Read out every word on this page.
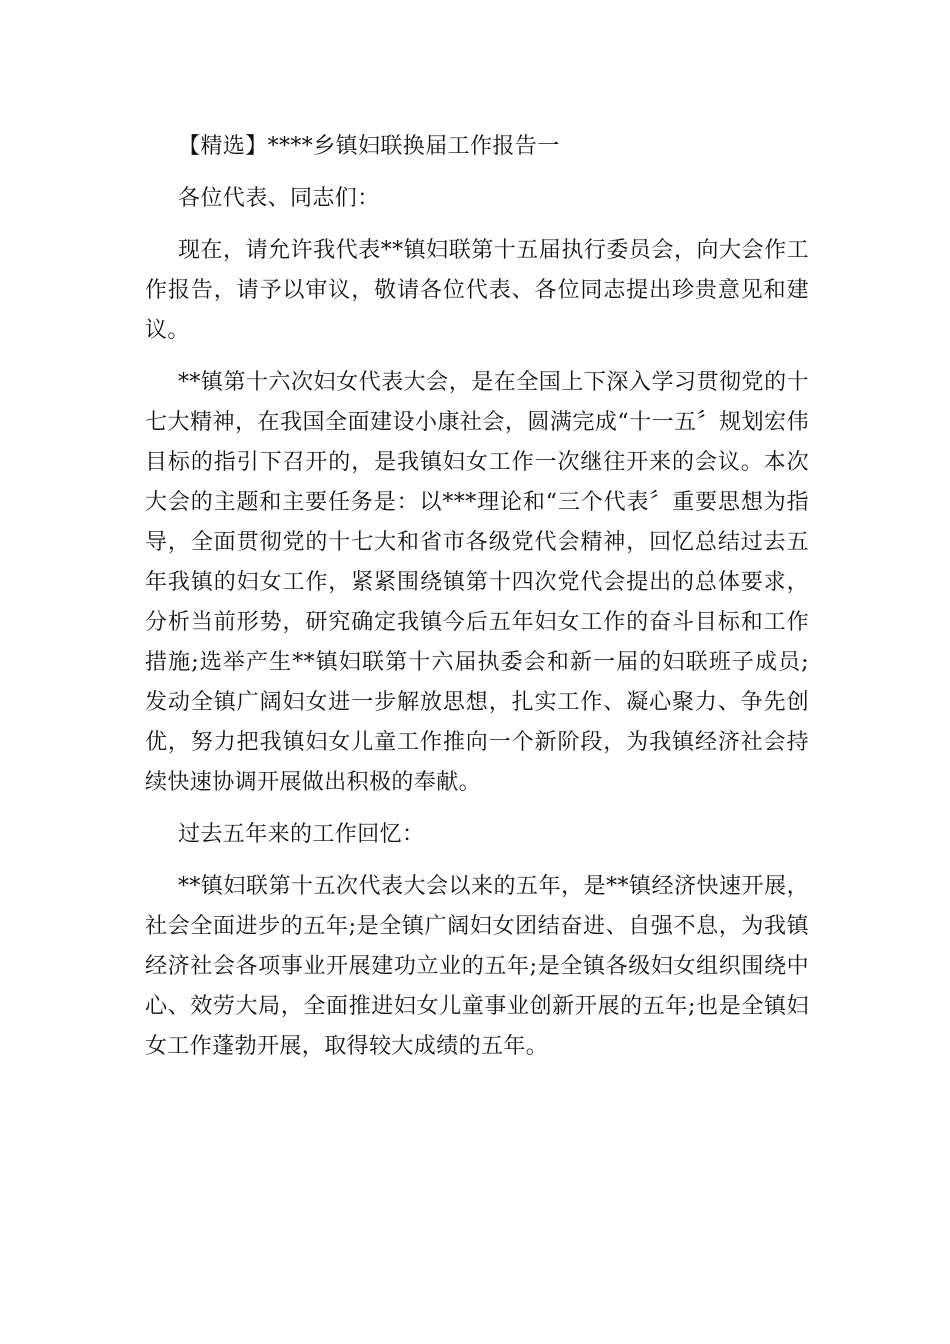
【精选】****乡镇妇联换届工作报告一

各位代表、同志们：

现在，请允许我代表**镇妇联第十五届执行委员会，向大会作工作报告，请予以审议，敬请各位代表、各位同志提出珍贵意见和建议。

**镇第十六次妇女代表大会，是在全国上下深入学习贯彻党的十七大精神，在我国全面建设小康社会，圆满完成“十一五〞规划宏伟目标的指引下召开的，是我镇妇女工作一次继往开来的会议。本次大会的主题和主要任务是：以***理论和“三个代表〞重要思想为指导，全面贯彻党的十七大和省市各级党代会精神，回忆总结过去五年我镇的妇女工作，紧紧围绕镇第十四次党代会提出的总体要求，分析当前形势，研究确定我镇今后五年妇女工作的奋斗目标和工作措施;选举产生**镇妇联第十六届执委会和新一届的妇联班子成员;发动全镇广阔妇女进一步解放思想，扎实工作、凝心聚力、争先创优，努力把我镇妇女儿童工作推向一个新阶段，为我镇经济社会持续快速协调开展做出积极的奉献。

过去五年来的工作回忆：

**镇妇联第十五次代表大会以来的五年，是**镇经济快速开展，社会全面进步的五年;是全镇广阔妇女团结奋进、自强不息，为我镇经济社会各项事业开展建功立业的五年;是全镇各级妇女组织围绕中心、效劳大局，全面推进妇女儿童事业创新开展的五年;也是全镇妇女工作蓬勃开展，取得较大成绩的五年。
